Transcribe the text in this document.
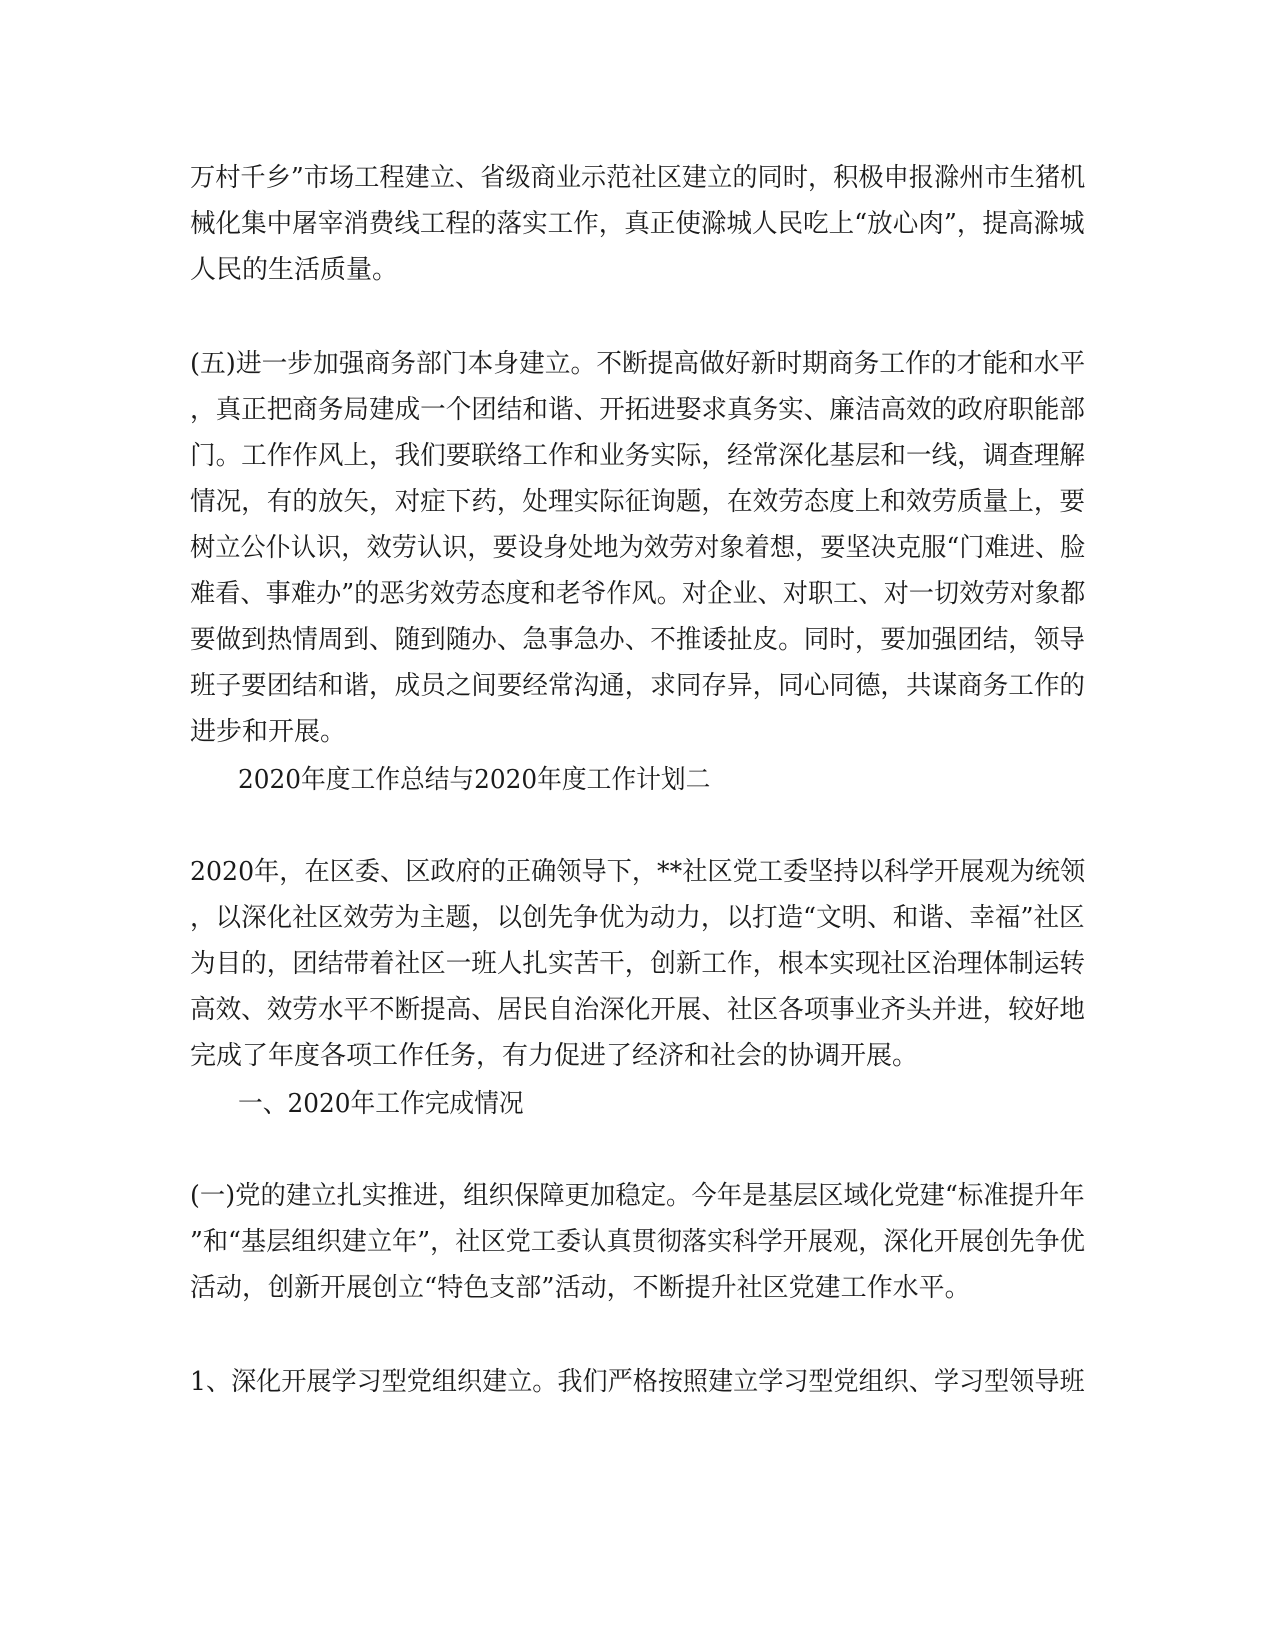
万村千乡”市场工程建立、省级商业示范社区建立的同时，积极申报滁州市生猪机
械化集中屠宰消费线工程的落实工作，真正使滁城人民吃上“放心肉”，提高滁城
人民的生活质量。
(五)进一步加强商务部门本身建立。不断提高做好新时期商务工作的才能和水平
，真正把商务局建成一个团结和谐、开拓进娶求真务实、廉洁高效的政府职能部
门。工作作风上，我们要联络工作和业务实际，经常深化基层和一线，调查理解
情况，有的放矢，对症下药，处理实际征询题，在效劳态度上和效劳质量上，要
树立公仆认识，效劳认识，要设身处地为效劳对象着想，要坚决克服“门难进、脸
难看、事难办”的恶劣效劳态度和老爷作风。对企业、对职工、对一切效劳对象都
要做到热情周到、随到随办、急事急办、不推诿扯皮。同时，要加强团结，领导
班子要团结和谐，成员之间要经常沟通，求同存异，同心同德，共谋商务工作的
进步和开展。
2020年度工作总结与2020年度工作计划二
2020年，在区委、区政府的正确领导下，**社区党工委坚持以科学开展观为统领
，以深化社区效劳为主题，以创先争优为动力，以打造“文明、和谐、幸福”社区
为目的，团结带着社区一班人扎实苦干，创新工作，根本实现社区治理体制运转
高效、效劳水平不断提高、居民自治深化开展、社区各项事业齐头并进，较好地
完成了年度各项工作任务，有力促进了经济和社会的协调开展。
一、2020年工作完成情况
(一)党的建立扎实推进，组织保障更加稳定。今年是基层区域化党建“标准提升年
”和“基层组织建立年”，社区党工委认真贯彻落实科学开展观，深化开展创先争优
活动，创新开展创立“特色支部”活动，不断提升社区党建工作水平。
1、深化开展学习型党组织建立。我们严格按照建立学习型党组织、学习型领导班
